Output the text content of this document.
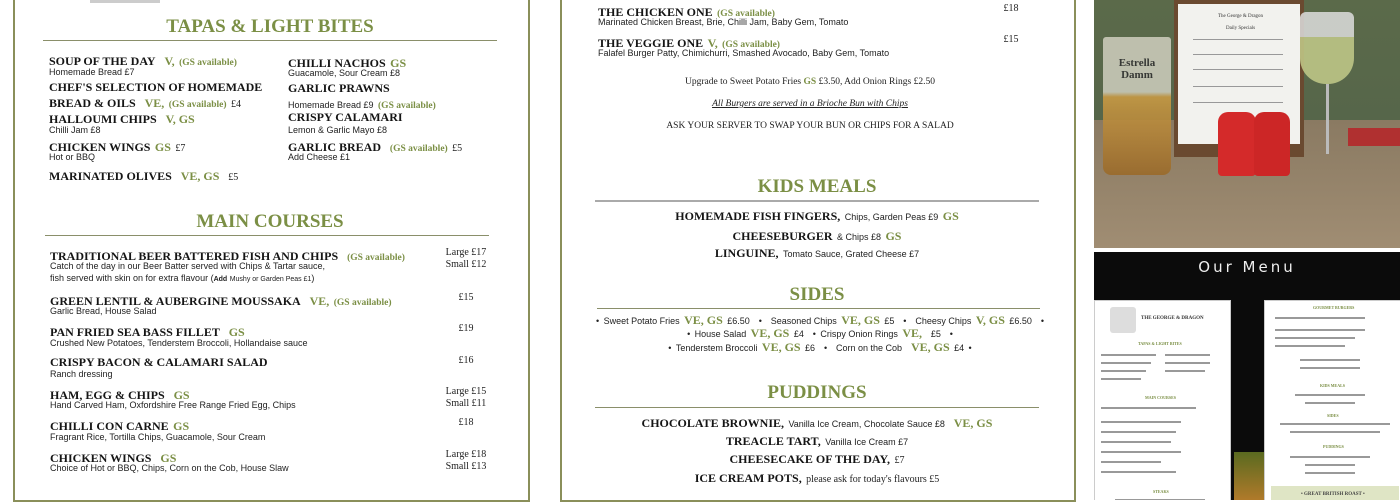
TAPAS & LIGHT BITES
SOUP OF THE DAY V, (GS available)
Homemade Bread £7
CHEF'S SELECTION OF HOMEMADE
BREAD & OILS VE, (GS available) £4
HALLOUMI CHIPS V, GS
Chilli Jam £8
CHICKEN WINGS GS £7
Hot or BBQ
MARINATED OLIVES VE, GS £5
CHILLI NACHOS GS
Guacamole, Sour Cream £8
GARLIC PRAWNS
Homemade Bread £9 (GS available)
CRISPY CALAMARI
Lemon & Garlic Mayo £8
GARLIC BREAD (GS available) £5
Add Cheese £1
MAIN COURSES
TRADITIONAL BEER BATTERED FISH AND CHIPS (GS available)
Catch of the day in our Beer Batter served with Chips & Tartar sauce,
fish served with skin on for extra flavour (Add Mushy or Garden Peas £1)
Large £17
Small £12
GREEN LENTIL & AUBERGINE MOUSSAKA VE, (GS available)
Garlic Bread, House Salad
£15
PAN FRIED SEA BASS FILLET GS
Crushed New Potatoes, Tenderstem Broccoli, Hollandaise sauce
£19
CRISPY BACON & CALAMARI SALAD
Ranch dressing
£16
HAM, EGG & CHIPS GS
Hand Carved Ham, Oxfordshire Free Range Fried Egg, Chips
Large £15
Small £11
CHILLI CON CARNE GS
Fragrant Rice, Tortilla Chips, Guacamole, Sour Cream
£18
CHICKEN WINGS GS
Choice of Hot or BBQ, Chips, Corn on the Cob, House Slaw
Large £18
Small £13
THE CHICKEN ONE (GS available)
Marinated Chicken Breast, Brie, Chilli Jam, Baby Gem, Tomato
£18
THE VEGGIE ONE V, (GS available)
Falafel Burger Patty, Chimichurri, Smashed Avocado, Baby Gem, Tomato
£15
Upgrade to Sweet Potato Fries GS £3.50, Add Onion Rings £2.50
All Burgers are served in a Brioche Bun with Chips
ASK YOUR SERVER TO SWAP YOUR BUN OR CHIPS FOR A SALAD
KIDS MEALS
HOMEMADE FISH FINGERS, Chips, Garden Peas £9 GS
CHEESEBURGER & Chips £8 GS
LINGUINE, Tomato Sauce, Grated Cheese £7
SIDES
• Sweet Potato Fries VE, GS £6.50 • Seasoned Chips VE, GS £5 • Cheesy Chips V, GS £6.50 •
• House Salad VE, GS £4 • Crispy Onion Rings VE, £5 •
• Tenderstem Broccoli VE, GS £6 • Corn on the Cob VE, GS £4 •
PUDDINGS
CHOCOLATE BROWNIE, Vanilla Ice Cream, Chocolate Sauce £8 VE, GS
TREACLE TART, Vanilla Ice Cream £7
CHEESECAKE OF THE DAY, £7
ICE CREAM POTS, please ask for today's flavours £5
Estrella Damm
The George & Dragon
Daily Specials
Our Menu
THE GEORGE & DRAGON
TAPAS & LIGHT BITES
MAIN COURSES
STEAKS
GOURMET BURGERS
KIDS MEALS
SIDES
PUDDINGS
• GREAT BRITISH ROAST •
